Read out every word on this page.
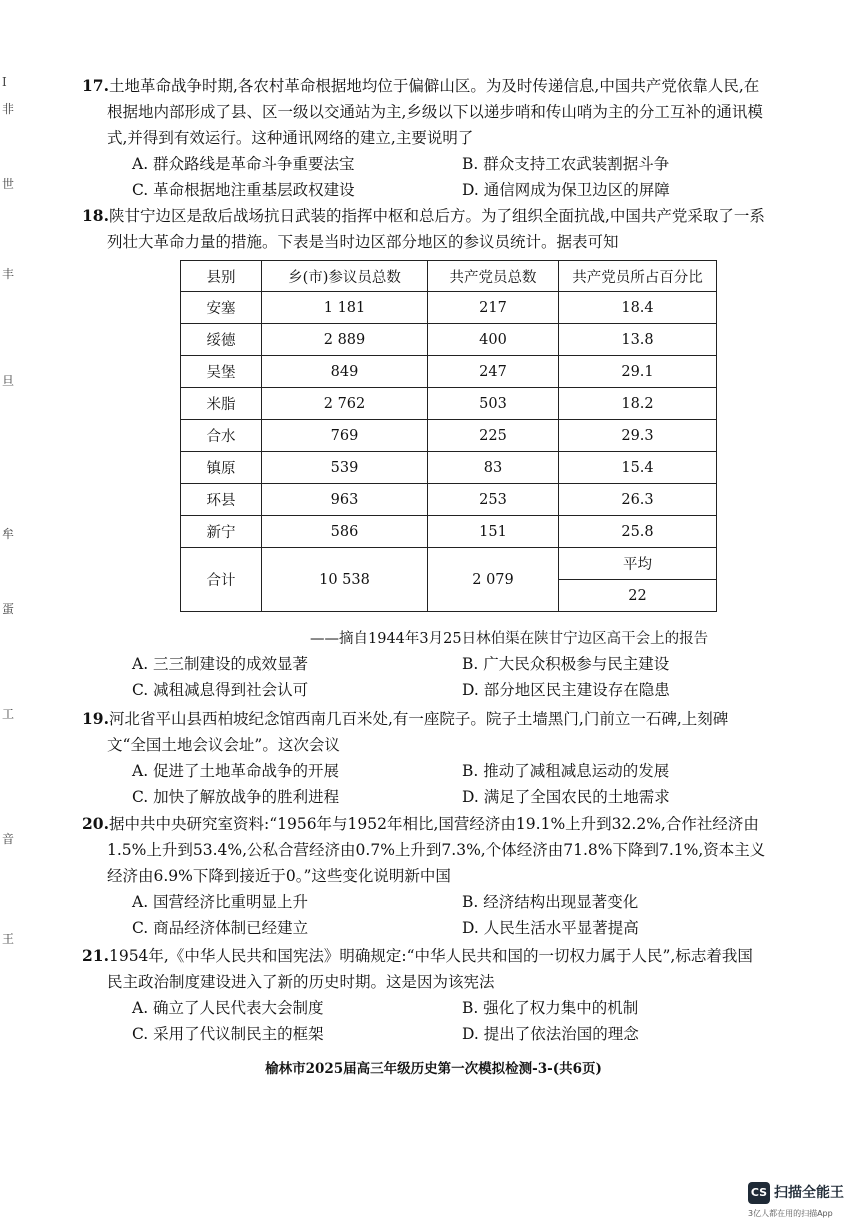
I
非
世
丰
旦
牟
蛋
工
音
王

17.土地革命战争时期,各农村革命根据地均位于偏僻山区。为及时传递信息,中国共产党依靠人民,在根据地内部形成了县、区一级以交通站为主,乡级以下以递步哨和传山哨为主的分工互补的通讯模式,并得到有效运行。这种通讯网络的建立,主要说明了

A. 群众路线是革命斗争重要法宝	B. 群众支持工农武装割据斗争
C. 革命根据地注重基层政权建设	D. 通信网成为保卫边区的屏障

18.陕甘宁边区是敌后战场抗日武装的指挥中枢和总后方。为了组织全面抗战,中国共产党采取了一系列壮大革命力量的措施。下表是当时边区部分地区的参议员统计。据表可知

县别	乡(市)参议员总数	共产党员总数	共产党员所占百分比
安塞	1 181	217	18.4
绥德	2 889	400	13.8
吴堡	849	247	29.1
米脂	2 762	503	18.2
合水	769	225	29.3
镇原	539	83	15.4
环县	963	253	26.3
新宁	586	151	25.8
合计	10 538	2 079	平均
			22
——摘自1944年3月25日林伯渠在陕甘宁边区高干会上的报告
A. 三三制建设的成效显著	B. 广大民众积极参与民主建设
C. 减租减息得到社会认可	D. 部分地区民主建设存在隐患

19.河北省平山县西柏坡纪念馆西南几百米处,有一座院子。院子土墙黑门,门前立一石碑,上刻碑文“全国土地会议会址”。这次会议

A. 促进了土地革命战争的开展	B. 推动了减租减息运动的发展
C. 加快了解放战争的胜利进程	D. 满足了全国农民的土地需求

20.据中共中央研究室资料:“1956年与1952年相比,国营经济由19.1%上升到32.2%,合作社经济由1.5%上升到53.4%,公私合营经济由0.7%上升到7.3%,个体经济由71.8%下降到7.1%,资本主义经济由6.9%下降到接近于0。”这些变化说明新中国

A. 国营经济比重明显上升	B. 经济结构出现显著变化
C. 商品经济体制已经建立	D. 人民生活水平显著提高

21.1954年,《中华人民共和国宪法》明确规定:“中华人民共和国的一切权力属于人民”,标志着我国民主政治制度建设进入了新的历史时期。这是因为该宪法

A. 确立了人民代表大会制度	B. 强化了权力集中的机制
C. 采用了代议制民主的框架	D. 提出了依法治国的理念
榆林市2025届高三年级历史第一次模拟检测-3-(共6页)
CS 扫描全能王
3亿人都在用的扫描App
